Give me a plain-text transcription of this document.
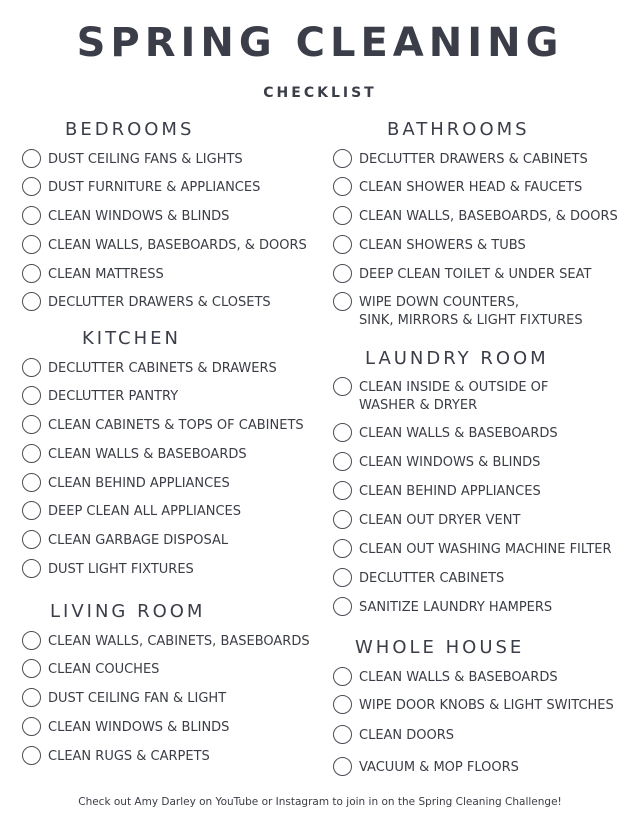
SPRING CLEANING
CHECKLIST
BEDROOMS
DUST CEILING FANS & LIGHTS
DUST FURNITURE & APPLIANCES
CLEAN WINDOWS & BLINDS
CLEAN WALLS, BASEBOARDS, & DOORS
CLEAN MATTRESS
DECLUTTER DRAWERS & CLOSETS
KITCHEN
DECLUTTER CABINETS & DRAWERS
DECLUTTER PANTRY
CLEAN CABINETS & TOPS OF CABINETS
CLEAN WALLS & BASEBOARDS
CLEAN BEHIND APPLIANCES
DEEP CLEAN ALL APPLIANCES
CLEAN GARBAGE DISPOSAL
DUST LIGHT FIXTURES
LIVING ROOM
CLEAN WALLS, CABINETS, BASEBOARDS
CLEAN COUCHES
DUST CEILING FAN & LIGHT
CLEAN WINDOWS & BLINDS
CLEAN RUGS & CARPETS
BATHROOMS
DECLUTTER DRAWERS & CABINETS
CLEAN SHOWER HEAD & FAUCETS
CLEAN WALLS, BASEBOARDS, & DOORS
CLEAN SHOWERS & TUBS
DEEP CLEAN TOILET & UNDER SEAT
WIPE DOWN COUNTERS,
SINK, MIRRORS & LIGHT FIXTURES
LAUNDRY ROOM
CLEAN INSIDE & OUTSIDE OF
WASHER & DRYER
CLEAN WALLS & BASEBOARDS
CLEAN WINDOWS & BLINDS
CLEAN BEHIND APPLIANCES
CLEAN OUT DRYER VENT
CLEAN OUT WASHING MACHINE FILTER
DECLUTTER CABINETS
SANITIZE LAUNDRY HAMPERS
WHOLE HOUSE
CLEAN WALLS & BASEBOARDS
WIPE DOOR KNOBS & LIGHT SWITCHES
CLEAN DOORS
VACUUM & MOP FLOORS
Check out Amy Darley on YouTube or Instagram to join in on the Spring Cleaning Challenge!
